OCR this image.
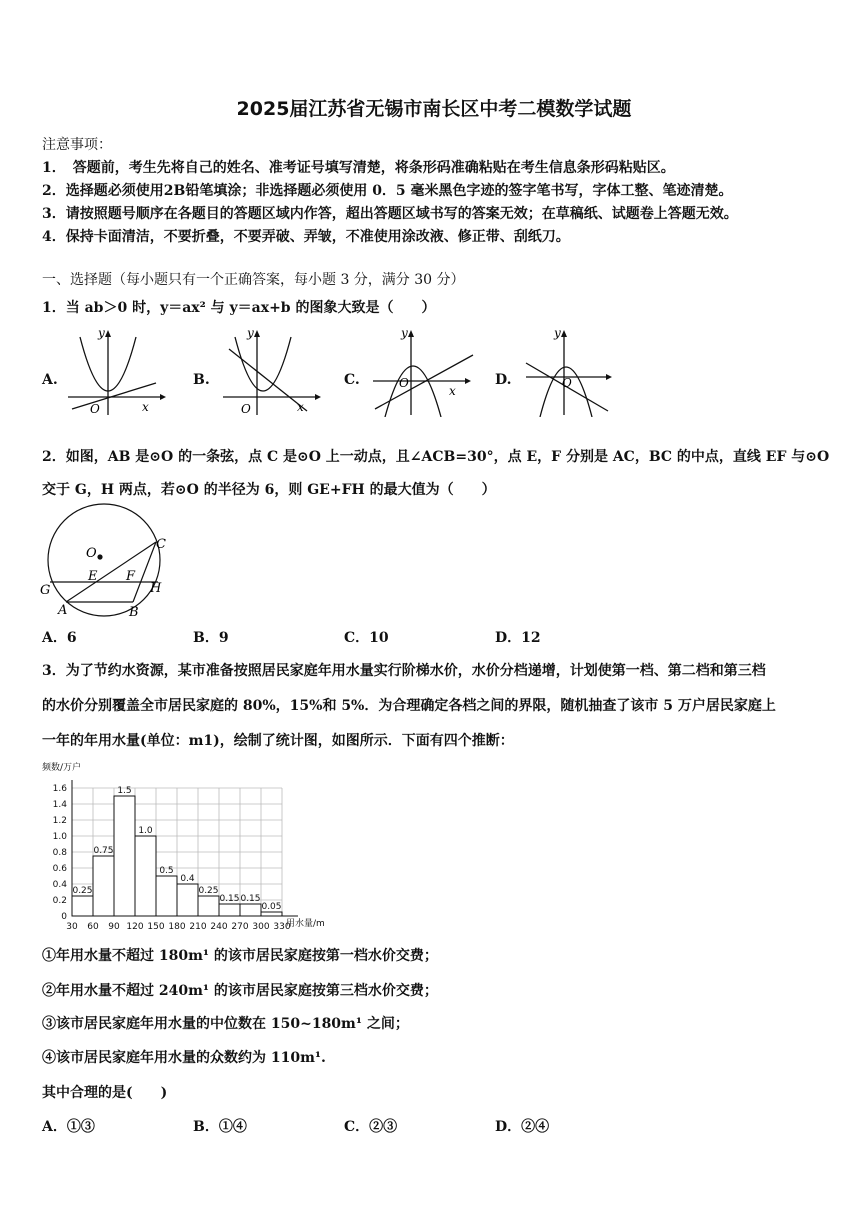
2025届江苏省无锡市南长区中考二模数学试题
注意事项：
1．　答题前，考生先将自己的姓名、准考证号填写清楚，将条形码准确粘贴在考生信息条形码粘贴区。
2．选择题必须使用2B铅笔填涂；非选择题必须使用 0．5 毫米黑色字迹的签字笔书写，字体工整、笔迹清楚。
3．请按照题号顺序在各题目的答题区域内作答，超出答题区域书写的答案无效；在草稿纸、试题卷上答题无效。
4．保持卡面清洁，不要折叠，不要弄破、弄皱，不准使用涂改液、修正带、刮纸刀。
一、选择题（每小题只有一个正确答案，每小题 3 分，满分 30 分）
1．当 ab＞0 时，y＝ax² 与 y＝ax+b 的图象大致是（　　）
A.	B.	C.	D.
y
x
O
y
x
O
y
x
O
y
O
2．如图，AB 是⊙O 的一条弦，点 C 是⊙O 上一动点，且∠ACB=30°，点 E，F 分别是 AC，BC 的中点，直线 EF 与⊙O
交于 G，H 两点，若⊙O 的半径为 6，则 GE+FH 的最大值为（　　）
O
C
E F
G	H
A	B
A．6	B．9	C．10	D．12
3．为了节约水资源，某市准备按照居民家庭年用水量实行阶梯水价，水价分档递增，计划使第一档、第二档和第三档
的水价分别覆盖全市居民家庭的 80%，15%和 5%．为合理确定各档之间的界限，随机抽查了该市 5 万户居民家庭上
一年的年用水量(单位：m1)，绘制了统计图，如图所示．下面有四个推断：
频数/万户
用水量/m
0.25
0.75
1.5
1.0
0.5
0.4
0.25
0.15 0.15
0.05
0
0.2
0.4
0.6
0.8
1.0
1.2
1.4
1.6
30 60 90 120 150 180 210 240 270 300 330
①年用水量不超过 180m¹ 的该市居民家庭按第一档水价交费；
②年用水量不超过 240m¹ 的该市居民家庭按第三档水价交费；
③该市居民家庭年用水量的中位数在 150~180m¹ 之间；
④该市居民家庭年用水量的众数约为 110m¹.
其中合理的是(　　)
A．①③	B．①④	C．②③	D．②④
